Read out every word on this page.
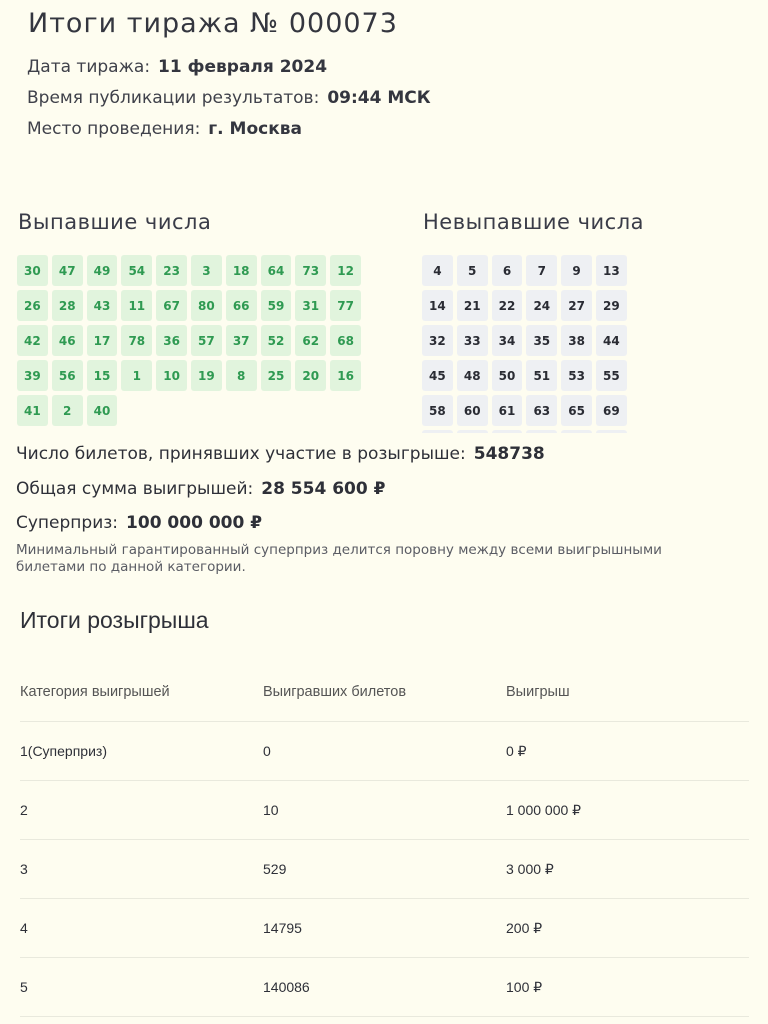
Итоги тиража № 000073
Дата тиража: 11 февраля 2024
Время публикации результатов: 09:44 МСК
Место проведения: г. Москва
Выпавшие числа	Невыпавшие числа
30	47	49	54	23	3	18	64	73	12
26	28	43	11	67	80	66	59	31	77
42	46	17	78	36	57	37	52	62	68
39	56	15	1	10	19	8	25	20	16
41	2	40
4	5	6	7	9	13
14	21	22	24	27	29
32	33	34	35	38	44
45	48	50	51	53	55
58	60	61	63	65	69
Число билетов, принявших участие в розыгрыше: 548738
Общая сумма выигрышей: 28 554 600 ₽
Суперприз: 100 000 000 ₽
Минимальный гарантированный суперприз делится поровну между всеми выигрышными билетами по данной категории.
Итоги розыгрыша
Категория выигрышей	Выигравших билетов	Выигрыш
1(Суперприз)	0	0 ₽
2	10	1 000 000 ₽
3	529	3 000 ₽
4	14795	200 ₽
5	140086	100 ₽
